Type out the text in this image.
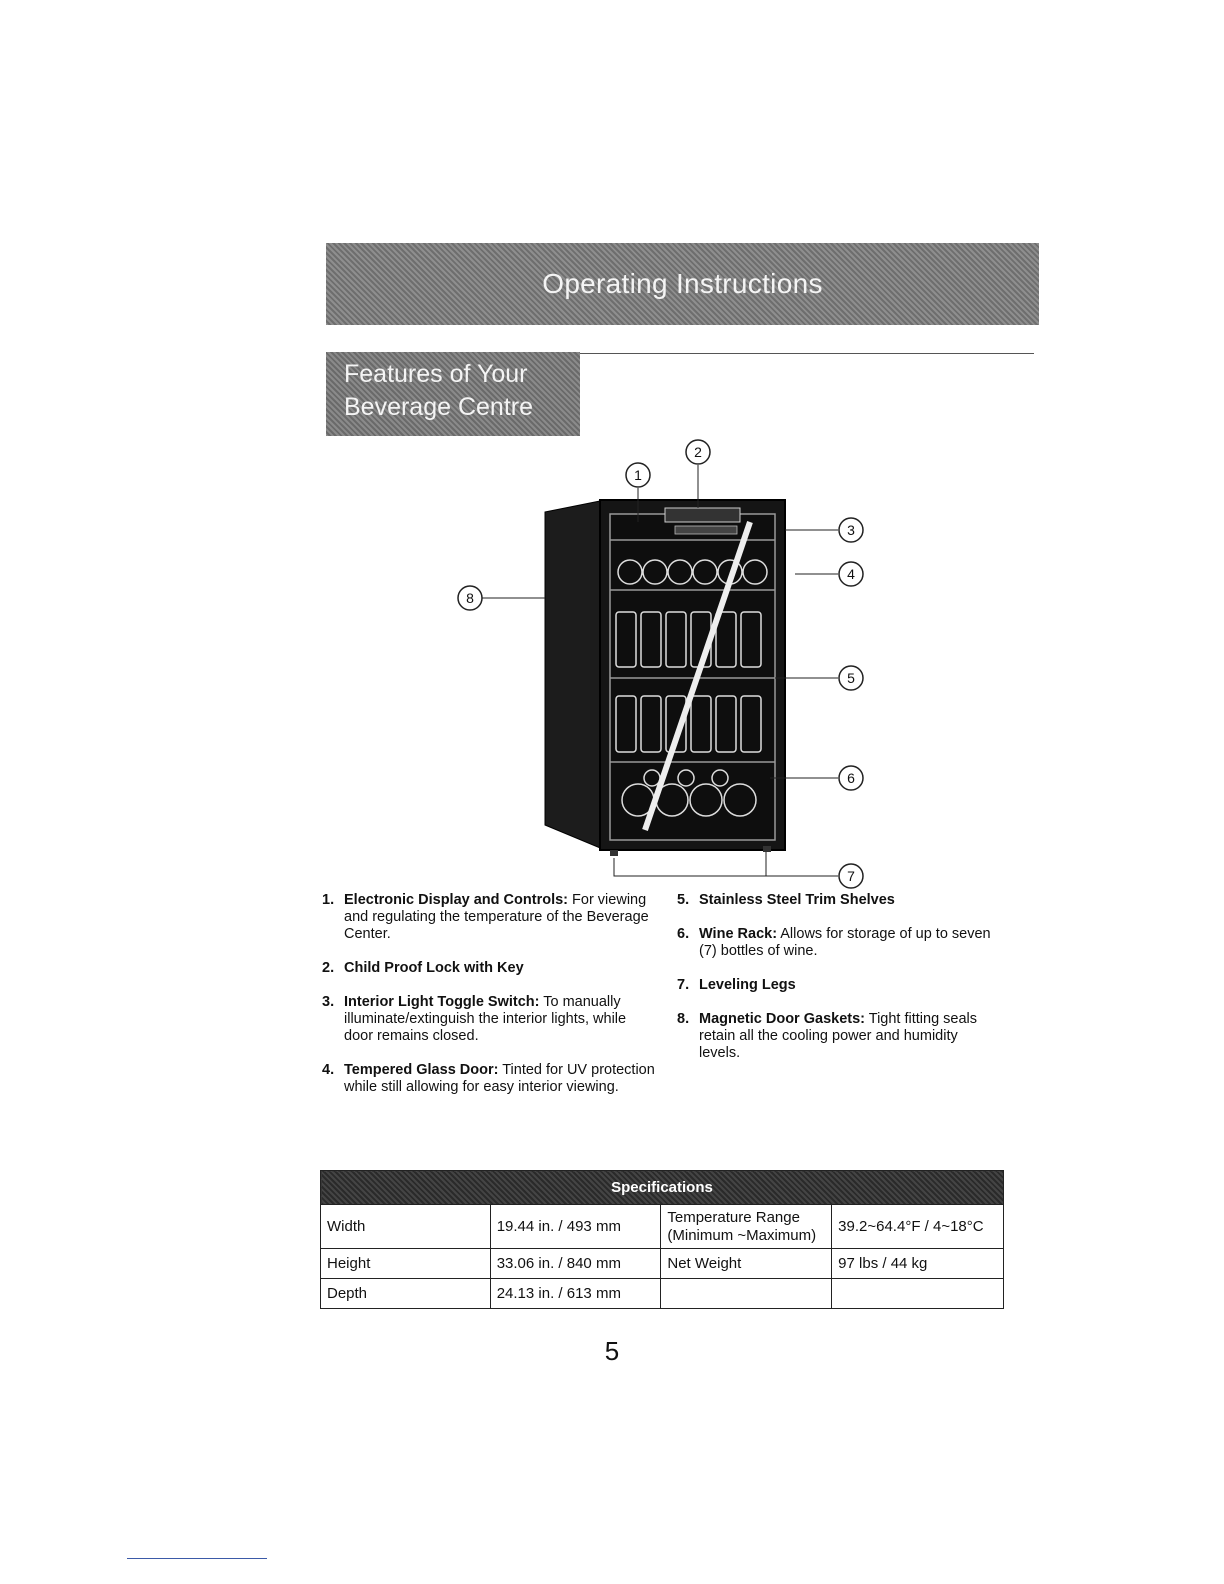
Operating Instructions
Features of Your
Beverage Centre
1
2
3
4
5
6
7
8
1. Electronic Display and Controls: For viewing and regulating the temperature of the Beverage Center.
2. Child Proof Lock with Key
3. Interior Light Toggle Switch: To manually illuminate/extinguish the interior lights, while door remains closed.
4. Tempered Glass Door: Tinted for UV protection while still allowing for easy interior viewing.
5. Stainless Steel Trim Shelves
6. Wine Rack: Allows for storage of up to seven (7) bottles of wine.
7. Leveling Legs
8. Magnetic Door Gaskets: Tight fitting seals retain all the cooling power and humidity levels.
Specifications			
Width	19.44 in. / 493 mm	Temperature Range (Minimum ~Maximum)	39.2~64.4°F / 4~18°C
Height	33.06 in. / 840 mm	Net Weight	97 lbs / 44 kg
Depth	24.13 in. / 613 mm		
5
